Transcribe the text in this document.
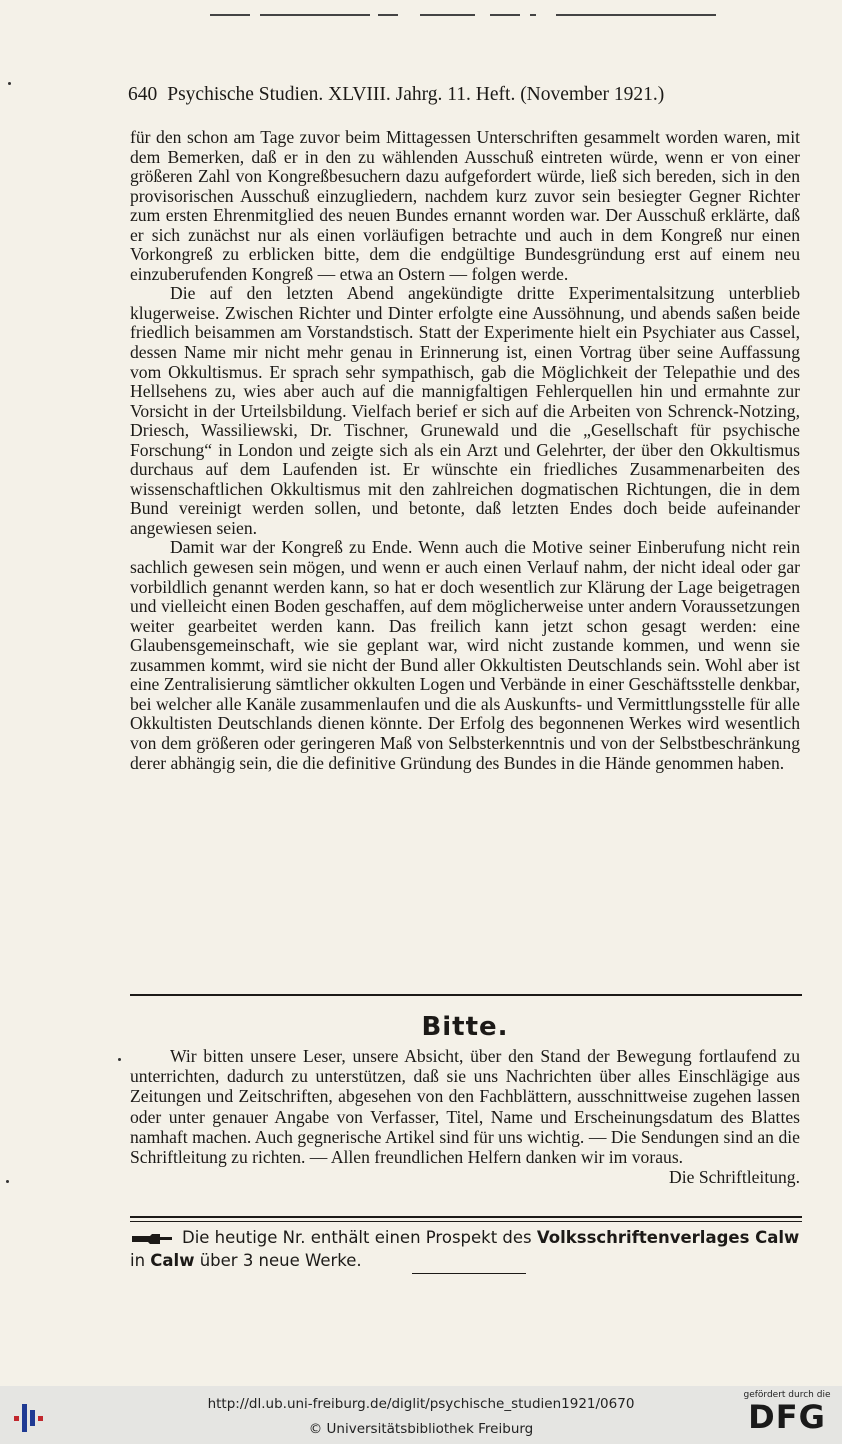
640 Psychische Studien. XLVIII. Jahrg. 11. Heft. (November 1921.)

für den schon am Tage zuvor beim Mittagessen Unterschriften gesammelt worden waren, mit dem Bemerken, daß er in den zu wählenden Ausschuß eintreten würde, wenn er von einer größeren Zahl von Kongreßbesuchern dazu aufgefordert würde, ließ sich bereden, sich in den provisorischen Ausschuß einzugliedern, nachdem kurz zuvor sein besiegter Gegner Richter zum ersten Ehrenmitglied des neuen Bundes ernannt worden war. Der Ausschuß erklärte, daß er sich zunächst nur als einen vorläufigen betrachte und auch in dem Kongreß nur einen Vorkongreß zu erblicken bitte, dem die endgültige Bundesgründung erst auf einem neu einzuberufenden Kongreß — etwa an Ostern — folgen werde.

Die auf den letzten Abend angekündigte dritte Experimentalsitzung unterblieb klugerweise. Zwischen Richter und Dinter erfolgte eine Aussöhnung, und abends saßen beide friedlich beisammen am Vorstandstisch. Statt der Experimente hielt ein Psychiater aus Cassel, dessen Name mir nicht mehr genau in Erinnerung ist, einen Vortrag über seine Auffassung vom Okkultismus. Er sprach sehr sympathisch, gab die Möglichkeit der Telepathie und des Hellsehens zu, wies aber auch auf die mannigfaltigen Fehlerquellen hin und ermahnte zur Vorsicht in der Urteilsbildung. Vielfach berief er sich auf die Arbeiten von Schrenck-Notzing, Driesch, Wassiliewski, Dr. Tischner, Grunewald und die „Gesellschaft für psychische Forschung“ in London und zeigte sich als ein Arzt und Gelehrter, der über den Okkultismus durchaus auf dem Laufenden ist. Er wünschte ein friedliches Zusammenarbeiten des wissenschaftlichen Okkultismus mit den zahlreichen dogmatischen Richtungen, die in dem Bund vereinigt werden sollen, und betonte, daß letzten Endes doch beide aufeinander angewiesen seien.

Damit war der Kongreß zu Ende. Wenn auch die Motive seiner Einberufung nicht rein sachlich gewesen sein mögen, und wenn er auch einen Verlauf nahm, der nicht ideal oder gar vorbildlich genannt werden kann, so hat er doch wesentlich zur Klärung der Lage beigetragen und vielleicht einen Boden geschaffen, auf dem möglicherweise unter andern Voraussetzungen weiter gearbeitet werden kann. Das freilich kann jetzt schon gesagt werden: eine Glaubensgemeinschaft, wie sie geplant war, wird nicht zustande kommen, und wenn sie zusammen kommt, wird sie nicht der Bund aller Okkultisten Deutschlands sein. Wohl aber ist eine Zentralisierung sämtlicher okkulten Logen und Verbände in einer Geschäftsstelle denkbar, bei welcher alle Kanäle zusammenlaufen und die als Auskunfts- und Vermittlungsstelle für alle Okkultisten Deutschlands dienen könnte. Der Erfolg des begonnenen Werkes wird wesentlich von dem größeren oder geringeren Maß von Selbsterkenntnis und von der Selbstbeschränkung derer abhängig sein, die die definitive Gründung des Bundes in die Hände genommen haben.

Bitte.

Wir bitten unsere Leser, unsere Absicht, über den Stand der Bewegung fortlaufend zu unterrichten, dadurch zu unterstützen, daß sie uns Nachrichten über alles Einschlägige aus Zeitungen und Zeitschriften, abgesehen von den Fachblättern, ausschnittweise zugehen lassen oder unter genauer Angabe von Verfasser, Titel, Name und Erscheinungsdatum des Blattes namhaft machen. Auch gegnerische Artikel sind für uns wichtig. — Die Sendungen sind an die Schriftleitung zu richten. — Allen freundlichen Helfern danken wir im voraus.
Die Schriftleitung.

Die heutige Nr. enthält einen Prospekt des Volksschriftenverlages Calw in Calw über 3 neue Werke.
http://dl.ub.uni-freiburg.de/diglit/psychische_studien1921/0670
© Universitätsbibliothek Freiburg
gefördert durch die
DFG
